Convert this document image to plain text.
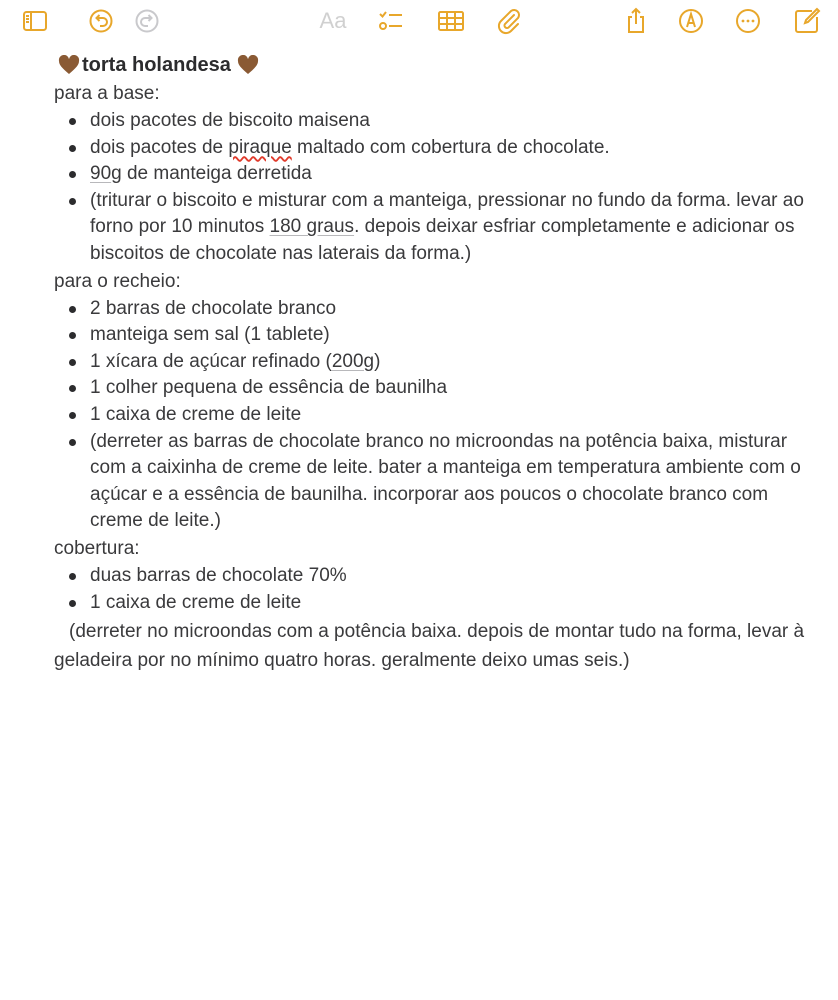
Aa
torta holandesa
para a base:
dois pacotes de biscoito maisena
dois pacotes de piraque maltado com cobertura de chocolate.
90g de manteiga derretida
(triturar o biscoito e misturar com a manteiga, pressionar no fundo da forma. levar ao forno por 10 minutos 180 graus. depois deixar esfriar completamente e adicionar os biscoitos de chocolate nas laterais da forma.)
para o recheio:
2 barras de chocolate branco
manteiga sem sal (1 tablete)
1 xícara de açúcar refinado (200g)
1 colher pequena de essência de baunilha
1 caixa de creme de leite
(derreter as barras de chocolate branco no microondas na potência baixa, misturar com a caixinha de creme de leite. bater a manteiga em temperatura ambiente com o açúcar e a essência de baunilha. incorporar aos poucos o chocolate branco com creme de leite.)
cobertura:
duas barras de chocolate 70%
1 caixa de creme de leite
(derreter no microondas com a potência baixa. depois de montar tudo na forma, levar à geladeira por no mínimo quatro horas. geralmente deixo umas seis.)
